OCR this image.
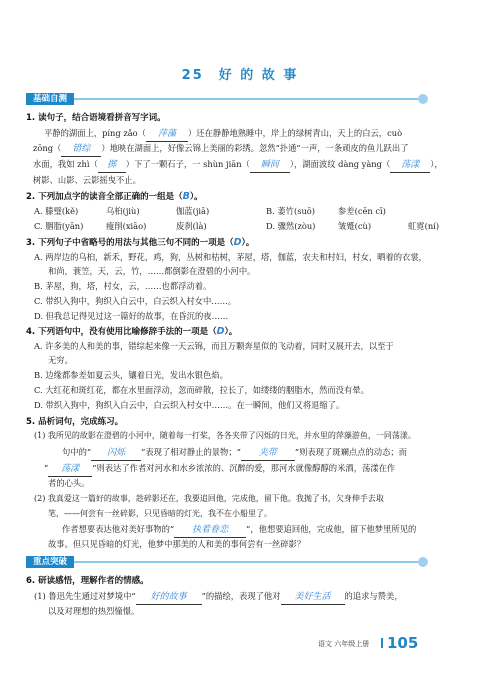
25　好 的 故 事
基础自测
1. 读句子，结合语境看拼音写字词。
平静的湖面上，píng zǎo（ 萍藻 ）还在静静地熟睡中，岸上的绿树青山，天上的白云，cuò
zōng（ 错综 ）地映在湖面上，好像云锦上美丽的彩绣。忽然“扑通”一声，一条顽皮的鱼儿跃出了
水面，我如 zhì（ 掷 ）下了一颗石子，一 shùn jiān（ 瞬间 ），湖面波纹 dàng yàng（ 荡漾 ），
树影、山影、云影摇曳不止。
2. 下列加点字的读音全部正确的一组是（B）。
A. 滕璧(kě)	乌桕(jiù)	伽蓝(jiā)	B. 萎竹(suō)	参差(cēn cī)
C. 胭脂(yān)	瘦削(xiāo)	废刹(là)	D. 骤然(zòu)	皱蹙(cù)	虹霓(ní)
3. 下列句子中省略号的用法与其他三句不同的一项是（D）。
A. 两岸边的乌桕，新禾，野花，鸡，狗，丛树和枯树，茅屋，塔，伽蓝，农夫和村妇，村女，晒着的衣裳，
和尚，蓑笠，天，云，竹，……都倒影在澄碧的小河中。
B. 茅屋，狗，塔，村女，云，……也都浮动着。
C. 带织入狗中，狗织入白云中，白云织入村女中……。
D. 但我总记得见过这一篇好的故事，在昏沉的夜……
4. 下列语句中，没有使用比喻修辞手法的一项是（D）。
A. 许多美的人和美的事，错综起来像一天云锦，而且万颗奔星似的飞动着，同时又展开去，以至于
无穷。
B. 边缘都参差如夏云头，镶着日光，发出水银色焰。
C. 大红花和斑红花，都在水里面浮动，忽而碎散，拉长了，如缕缕的胭脂水，然而没有晕。
D. 带织入狗中，狗织入白云中，白云织入村女中……。在一瞬间，他们又将退缩了。
5. 品析词句，完成练习。
(1) 我所见的故影在澄碧的小河中，随着每一打桨，各各夹带了闪烁的日光，并水里的萍藻游鱼，一同荡漾。
句中的“ 闪烁 ”表现了相对静止的景物；“ 夹带 ”则表现了斑斓点点的动态；而
“ 荡漾 ”则表达了作者对河水和水乡浓浓的、沉醉的爱，那河水就像醇醇的米酒，荡漾在作
者的心头。
(2) 我真爱这一篇好的故事，趁碎影还在，我要追回他，完成他，留下他。我抛了书，欠身伸手去取
笔，——何尝有一丝碎影，只见昏暗的灯光，我不在小船里了。
作者想要表达他对美好事物的“ 执着眷恋 ”，他想要追回他，完成他，留下他梦里所见的
故事。但只见昏暗的灯光，他梦中那美的人和美的事何尝有一丝碎影？
重点突破
6. 研读感悟，理解作者的情感。
(1) 鲁迅先生通过对梦境中“ 好的故事 ”的描绘，表现了他对 美好生活 的追求与赞美，
以及对理想的热烈憧憬。
语文 六年级上册 105
